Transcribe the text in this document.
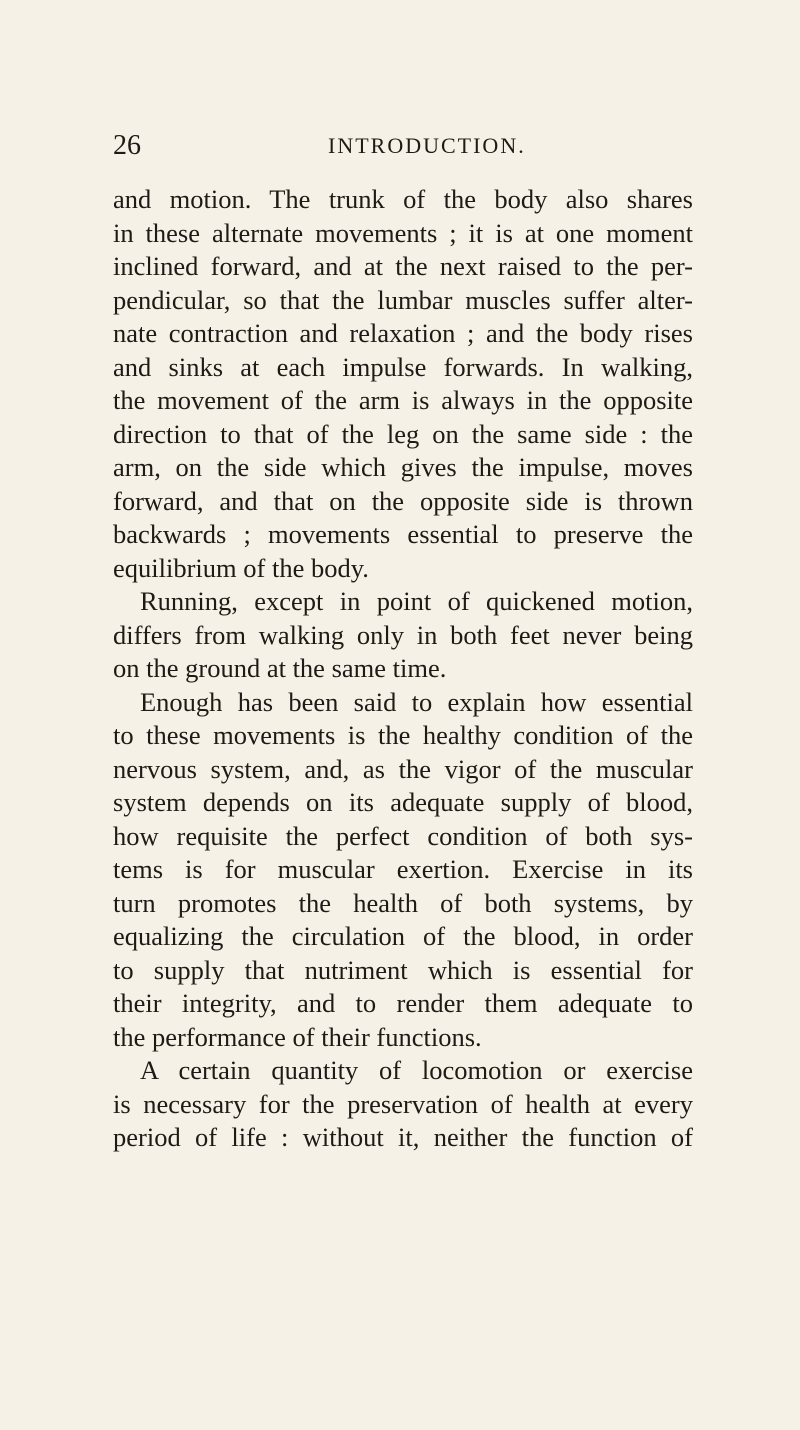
26	INTRODUCTION.
and motion. The trunk of the body also shares
in these alternate movements ; it is at one moment
inclined forward, and at the next raised to the per-
pendicular, so that the lumbar muscles suffer alter-
nate contraction and relaxation ; and the body rises
and sinks at each impulse forwards. In walking,
the movement of the arm is always in the opposite
direction to that of the leg on the same side : the
arm, on the side which gives the impulse, moves
forward, and that on the opposite side is thrown
backwards ; movements essential to preserve the
equilibrium of the body.
Running, except in point of quickened motion,
differs from walking only in both feet never being
on the ground at the same time.
Enough has been said to explain how essential
to these movements is the healthy condition of the
nervous system, and, as the vigor of the muscular
system depends on its adequate supply of blood,
how requisite the perfect condition of both sys-
tems is for muscular exertion. Exercise in its
turn promotes the health of both systems, by
equalizing the circulation of the blood, in order
to supply that nutriment which is essential for
their integrity, and to render them adequate to
the performance of their functions.
A certain quantity of locomotion or exercise
is necessary for the preservation of health at every
period of life : without it, neither the function of
